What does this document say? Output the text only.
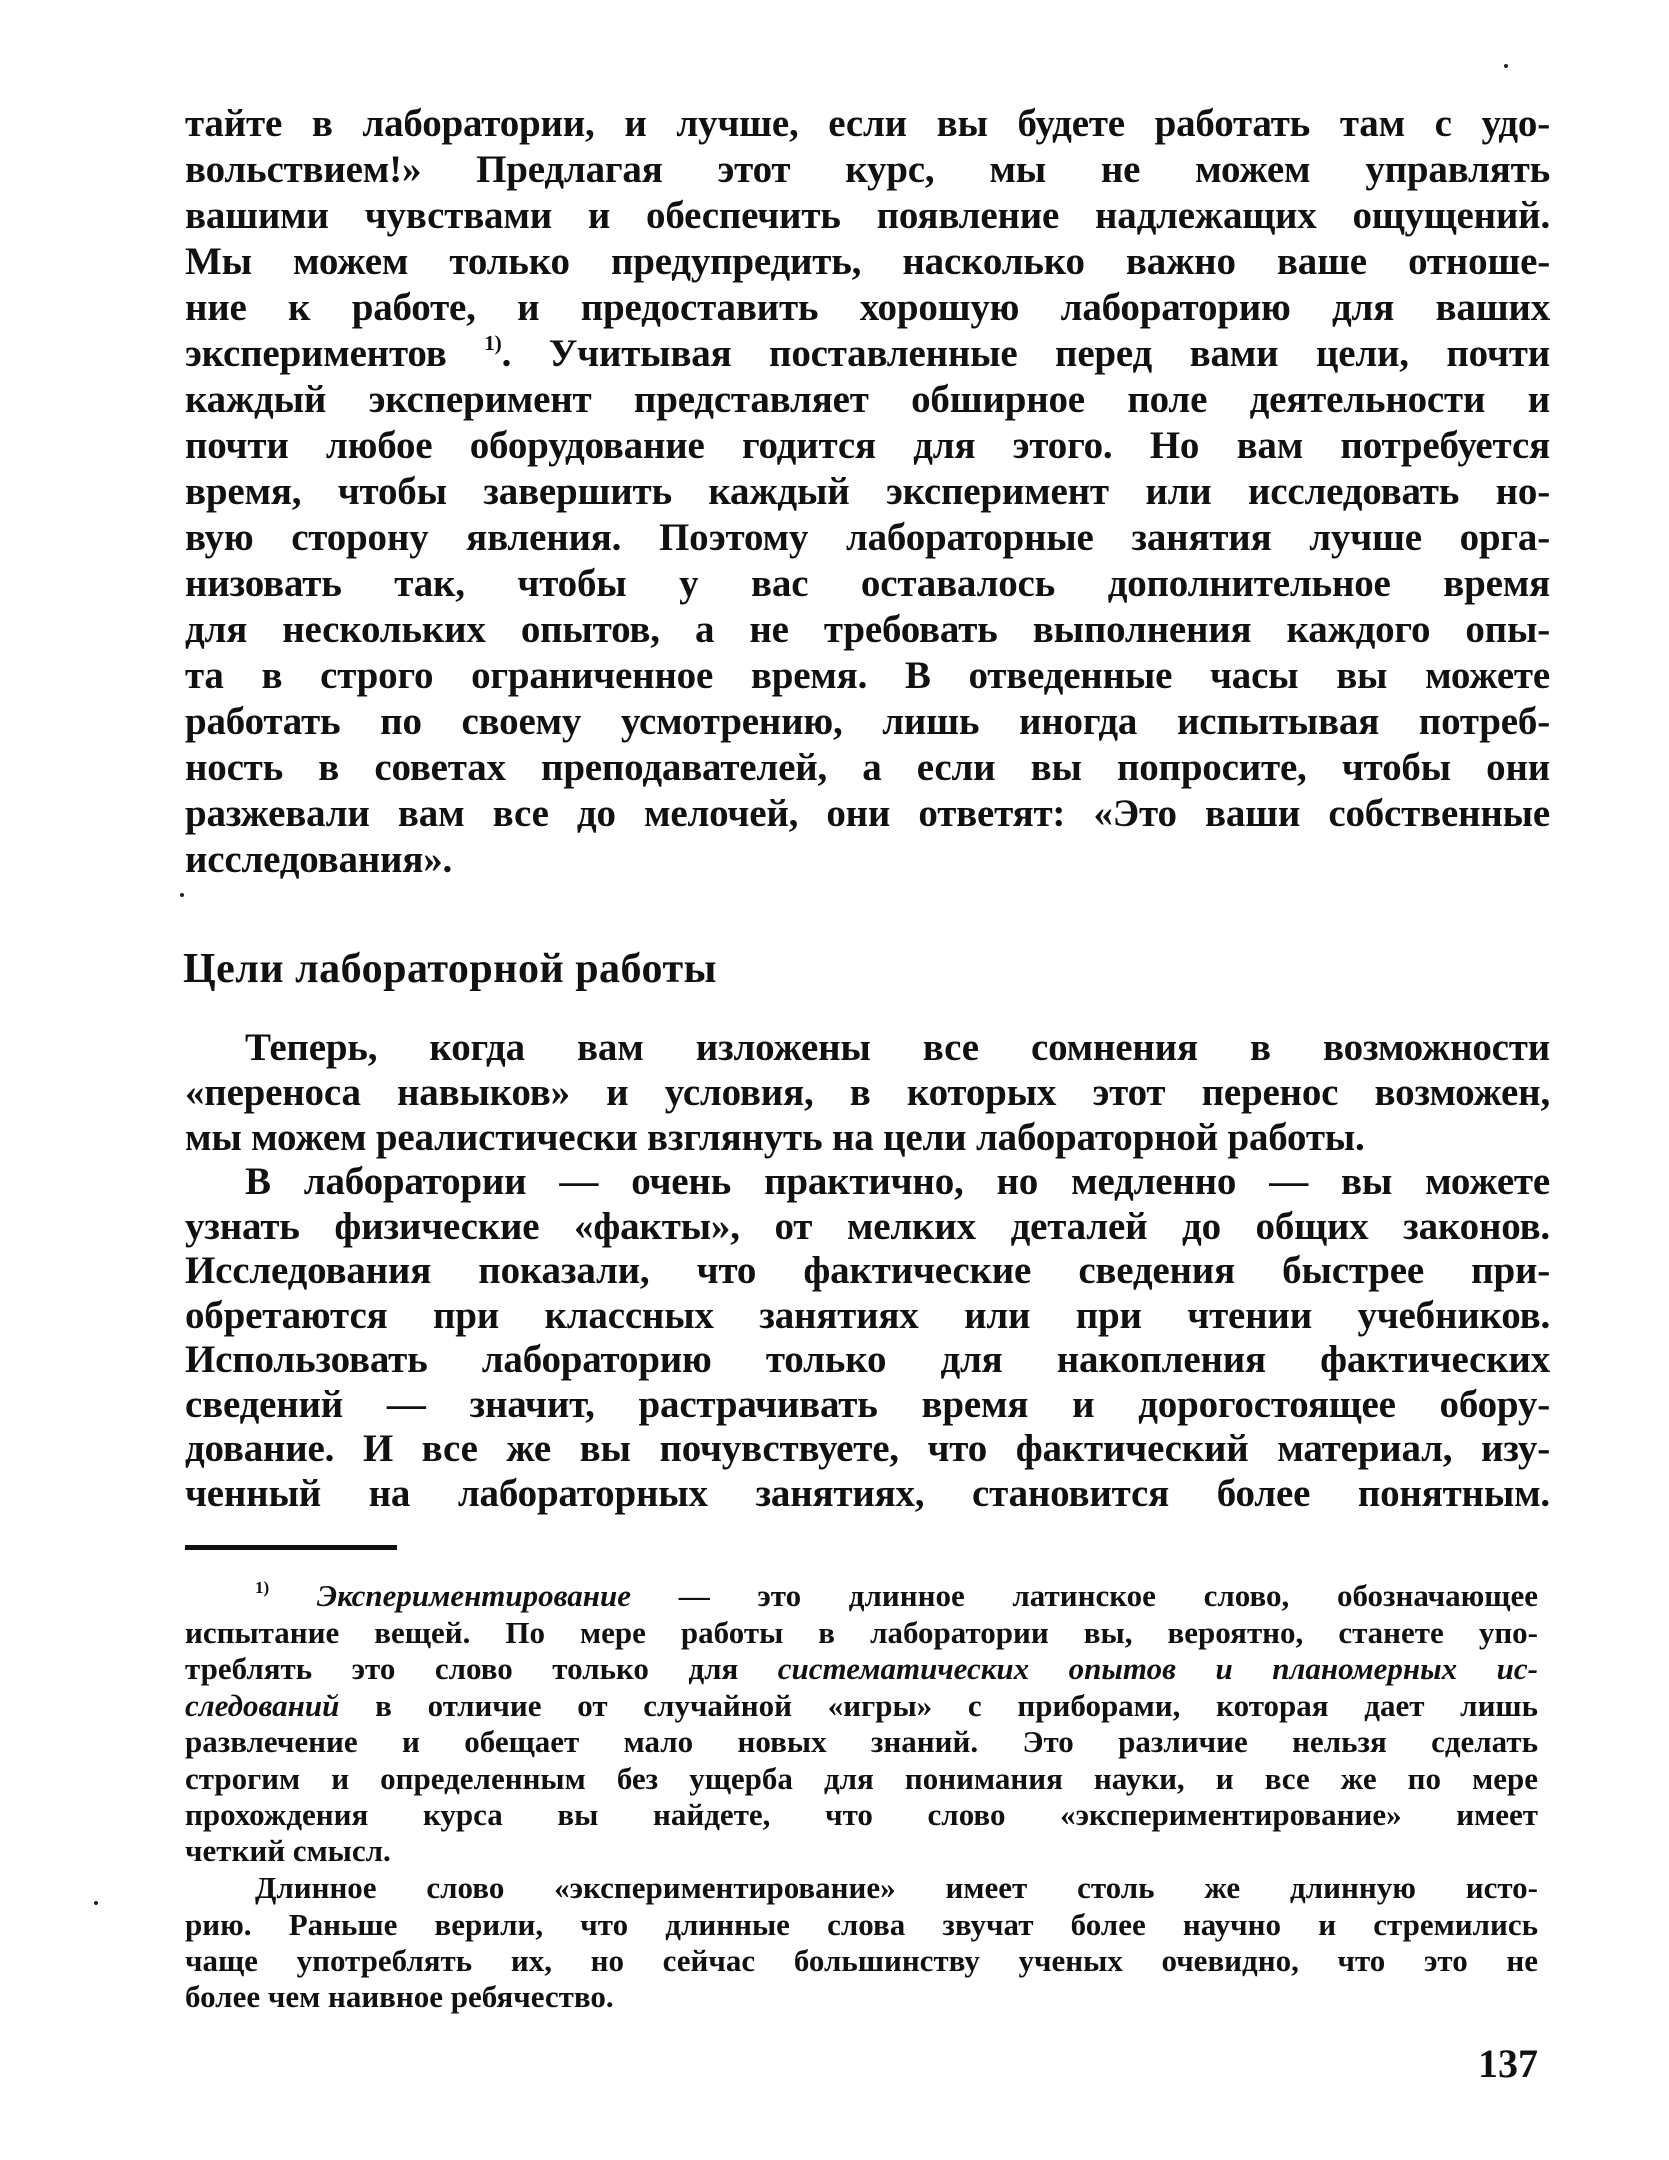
тайте в лаборатории, и лучше, если вы будете работать там с удо-
вольствием!» Предлагая этот курс, мы не можем управлять
вашими чувствами и обеспечить появление надлежащих ощущений.
Мы можем только предупредить, насколько важно ваше отноше-
ние к работе, и предоставить хорошую лабораторию для ваших
экспериментов $^{1)}$. Учитывая поставленные перед вами цели, почти
каждый эксперимент представляет обширное поле деятельности и
почти любое оборудование годится для этого. Но вам потребуется
время, чтобы завершить каждый эксперимент или исследовать но-
вую сторону явления. Поэтому лабораторные занятия лучше орга-
низовать так, чтобы у вас оставалось дополнительное время
для нескольких опытов, а не требовать выполнения каждого опы-
та в строго ограниченное время. В отведенные часы вы можете
работать по своему усмотрению, лишь иногда испытывая потреб-
ность в советах преподавателей, а если вы попросите, чтобы они
разжевали вам все до мелочей, они ответят: «Это ваши собственные
исследования».
Цели лабораторной работы
Теперь, когда вам изложены все сомнения в возможности
«переноса навыков» и условия, в которых этот перенос возможен,
мы можем реалистически взглянуть на цели лабораторной работы.
В лаборатории — очень практично, но медленно — вы можете
узнать физические «факты», от мелких деталей до общих законов.
Исследования показали, что фактические сведения быстрее при-
обретаются при классных занятиях или при чтении учебников.
Использовать лабораторию только для накопления фактических
сведений — значит, растрачивать время и дорогостоящее обору-
дование. И все же вы почувствуете, что фактический материал, изу-
ченный на лабораторных занятиях, становится более понятным.
$^{1)}$ Экспериментирование — это длинное латинское слово, обозначающее
испытание вещей. По мере работы в лаборатории вы, вероятно, станете упо-
треблять это слово только для систематических опытов и планомерных ис-
следований в отличие от случайной «игры» с приборами, которая дает лишь
развлечение и обещает мало новых знаний. Это различие нельзя сделать
строгим и определенным без ущерба для понимания науки, и все же по мере
прохождения курса вы найдете, что слово «экспериментирование» имеет
четкий смысл.
Длинное слово «экспериментирование» имеет столь же длинную исто-
рию. Раньше верили, что длинные слова звучат более научно и стремились
чаще употреблять их, но сейчас большинству ученых очевидно, что это не
более чем наивное ребячество.
137
